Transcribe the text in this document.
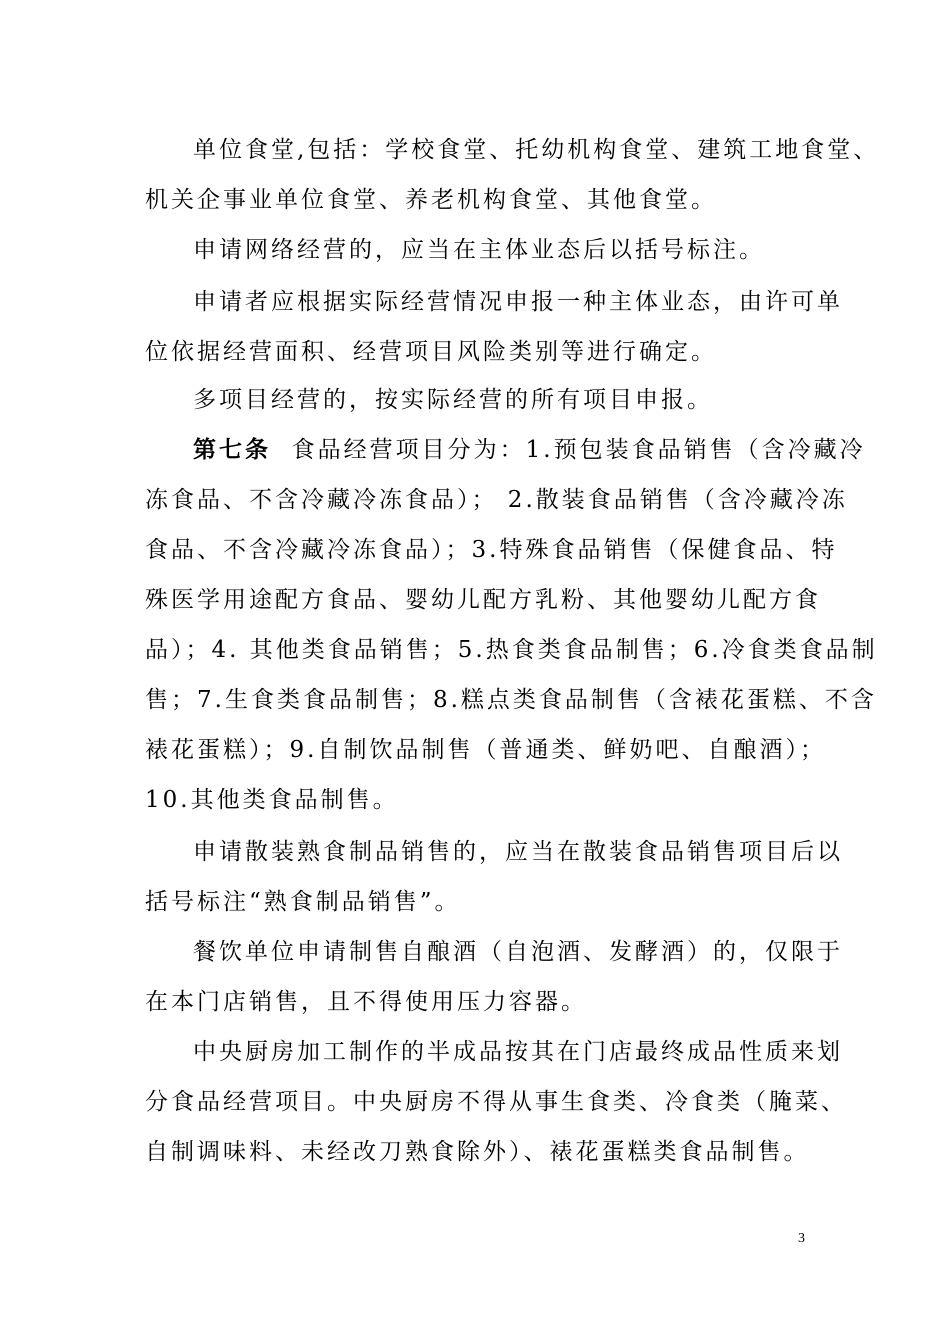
单位食堂,包括：学校食堂、托幼机构食堂、建筑工地食堂、
机关企事业单位食堂、养老机构食堂、其他食堂。
申请网络经营的，应当在主体业态后以括号标注。
申请者应根据实际经营情况申报一种主体业态，由许可单
位依据经营面积、经营项目风险类别等进行确定。
多项目经营的，按实际经营的所有项目申报。
第七条 食品经营项目分为：1.预包装食品销售（含冷藏冷
冻食品、不含冷藏冷冻食品）； 2.散装食品销售（含冷藏冷冻
食品、不含冷藏冷冻食品）；3.特殊食品销售（保健食品、特
殊医学用途配方食品、婴幼儿配方乳粉、其他婴幼儿配方食
品）；4. 其他类食品销售；5.热食类食品制售；6.冷食类食品制
售；7.生食类食品制售；8.糕点类食品制售（含裱花蛋糕、不含
裱花蛋糕）；9.自制饮品制售（普通类、鲜奶吧、自酿酒）；
10.其他类食品制售。
申请散装熟食制品销售的，应当在散装食品销售项目后以
括号标注“熟食制品销售”。
餐饮单位申请制售自酿酒（自泡酒、发酵酒）的，仅限于
在本门店销售，且不得使用压力容器。
中央厨房加工制作的半成品按其在门店最终成品性质来划
分食品经营项目。中央厨房不得从事生食类、冷食类（腌菜、
自制调味料、未经改刀熟食除外）、裱花蛋糕类食品制售。
3
